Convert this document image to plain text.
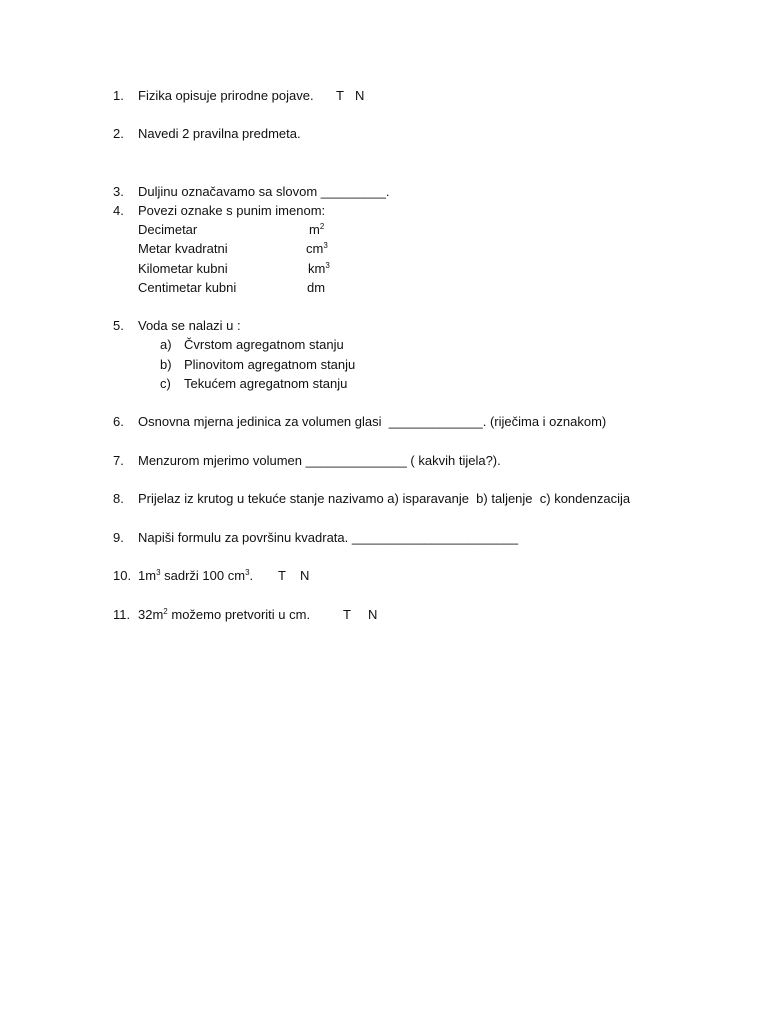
1. Fizika opisuje prirodne pojave. T N
2. Navedi 2 pravilna predmeta.
3. Duljinu označavamo sa slovom _________.
4. Povezi oznake s punim imenom:
Decimetar	$m^2$
Metar kvadratni	$cm^3$
Kilometar kubni	$km^3$
Centimetar kubni	dm
5. Voda se nalazi u :
a) Čvrstom agregatnom stanju
b) Plinovitom agregatnom stanju
c) Tekućem agregatnom stanju
6. Osnovna mjerna jedinica za volumen glasi  _____________. (riječima i oznakom)
7. Menzurom mjerimo volumen ______________ ( kakvih tijela?).
8. Prijelaz iz krutog u tekuće stanje nazivamo a) isparavanje  b) taljenje  c) kondenzacija
9. Napiši formulu za površinu kvadrata. _______________________
10. $1m^3$ sadrži 100 $cm^3$. T N
11. $32m^2$ možemo pretvoriti u cm.	T N
